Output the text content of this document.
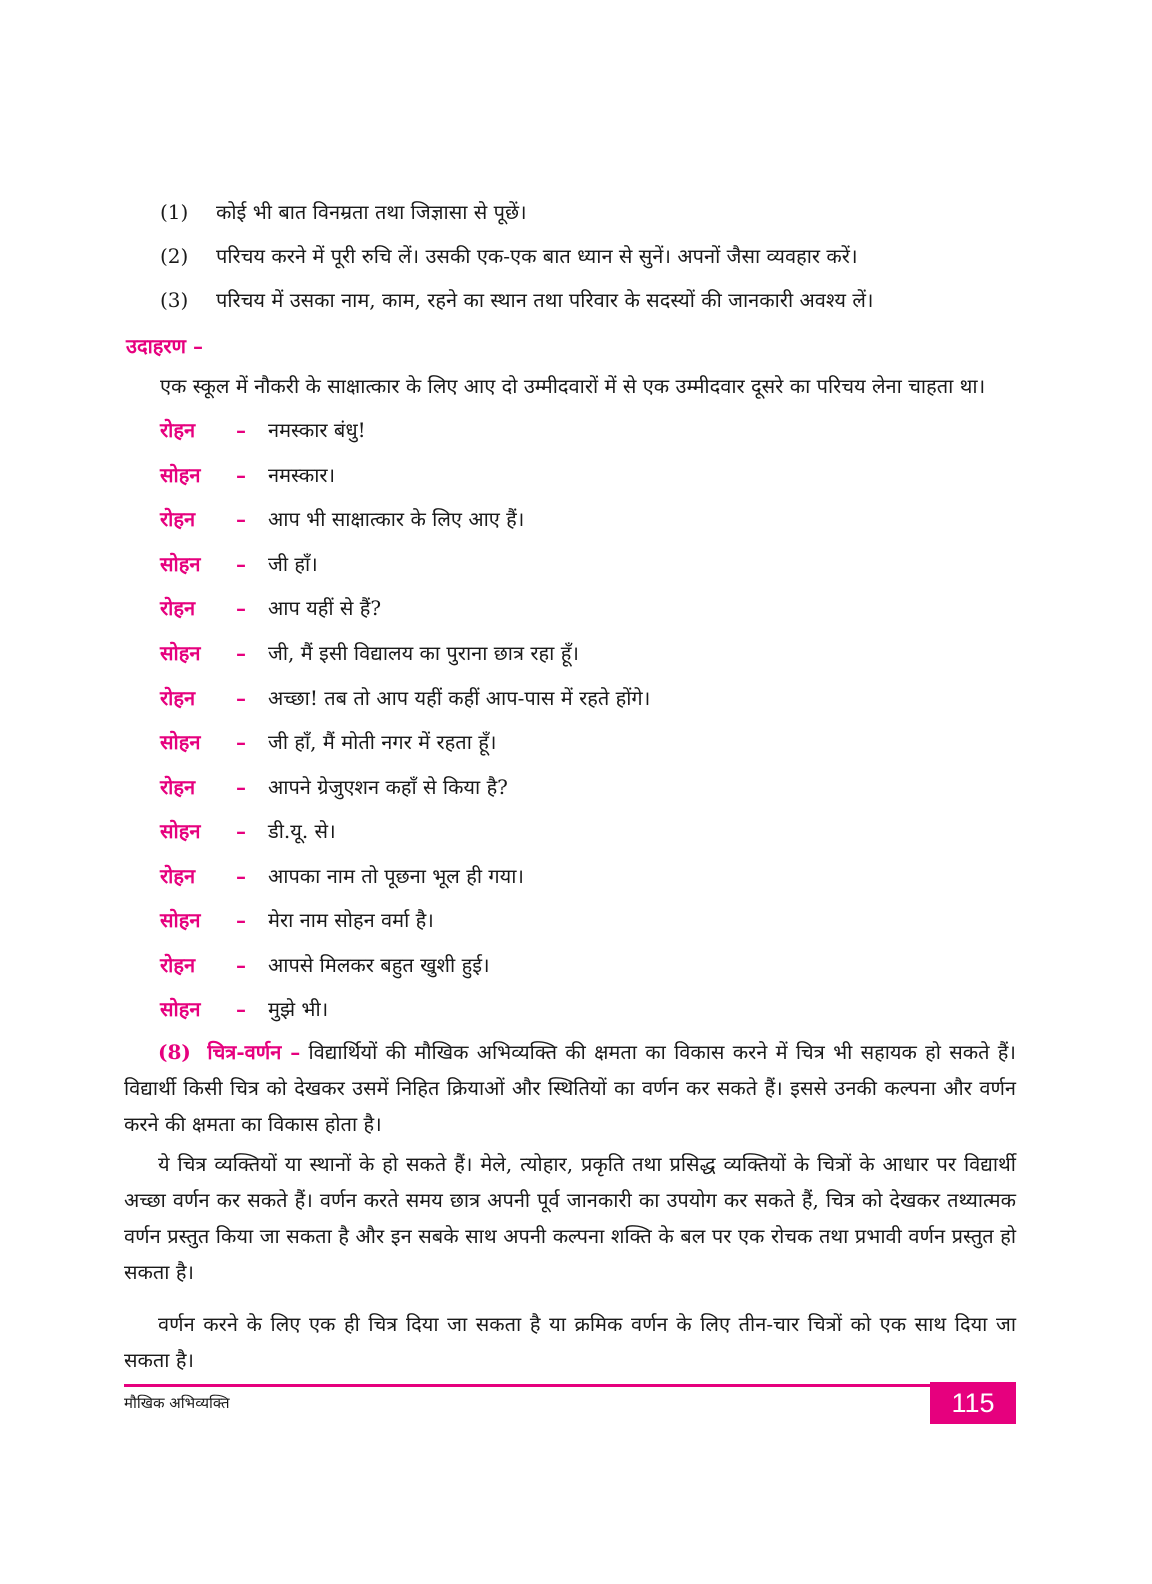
(1) कोई भी बात विनम्रता तथा जिज्ञासा से पूछें।
(2) परिचय करने में पूरी रुचि लें। उसकी एक-एक बात ध्यान से सुनें। अपनों जैसा व्यवहार करें।
(3) परिचय में उसका नाम, काम, रहने का स्थान तथा परिवार के सदस्यों की जानकारी अवश्य लें।
उदाहरण –
एक स्कूल में नौकरी के साक्षात्कार के लिए आए दो उम्मीदवारों में से एक उम्मीदवार दूसरे का परिचय लेना चाहता था।
रोहन – नमस्कार बंधु!
सोहन – नमस्कार।
रोहन – आप भी साक्षात्कार के लिए आए हैं।
सोहन – जी हाँ।
रोहन – आप यहीं से हैं?
सोहन – जी, मैं इसी विद्यालय का पुराना छात्र रहा हूँ।
रोहन – अच्छा! तब तो आप यहीं कहीं आप-पास में रहते होंगे।
सोहन – जी हाँ, मैं मोती नगर में रहता हूँ।
रोहन – आपने ग्रेजुएशन कहाँ से किया है?
सोहन – डी.यू. से।
रोहन – आपका नाम तो पूछना भूल ही गया।
सोहन – मेरा नाम सोहन वर्मा है।
रोहन – आपसे मिलकर बहुत खुशी हुई।
सोहन – मुझे भी।
(8) चित्र-वर्णन – विद्यार्थियों की मौखिक अभिव्यक्ति की क्षमता का विकास करने में चित्र भी सहायक हो सकते हैं। विद्यार्थी किसी चित्र को देखकर उसमें निहित क्रियाओं और स्थितियों का वर्णन कर सकते हैं। इससे उनकी कल्पना और वर्णन करने की क्षमता का विकास होता है।
ये चित्र व्यक्तियों या स्थानों के हो सकते हैं। मेले, त्योहार, प्रकृति तथा प्रसिद्ध व्यक्तियों के चित्रों के आधार पर विद्यार्थी अच्छा वर्णन कर सकते हैं। वर्णन करते समय छात्र अपनी पूर्व जानकारी का उपयोग कर सकते हैं, चित्र को देखकर तथ्यात्मक वर्णन प्रस्तुत किया जा सकता है और इन सबके साथ अपनी कल्पना शक्ति के बल पर एक रोचक तथा प्रभावी वर्णन प्रस्तुत हो सकता है।
वर्णन करने के लिए एक ही चित्र दिया जा सकता है या क्रमिक वर्णन के लिए तीन-चार चित्रों को एक साथ दिया जा सकता है।
मौखिक अभिव्यक्ति	115
